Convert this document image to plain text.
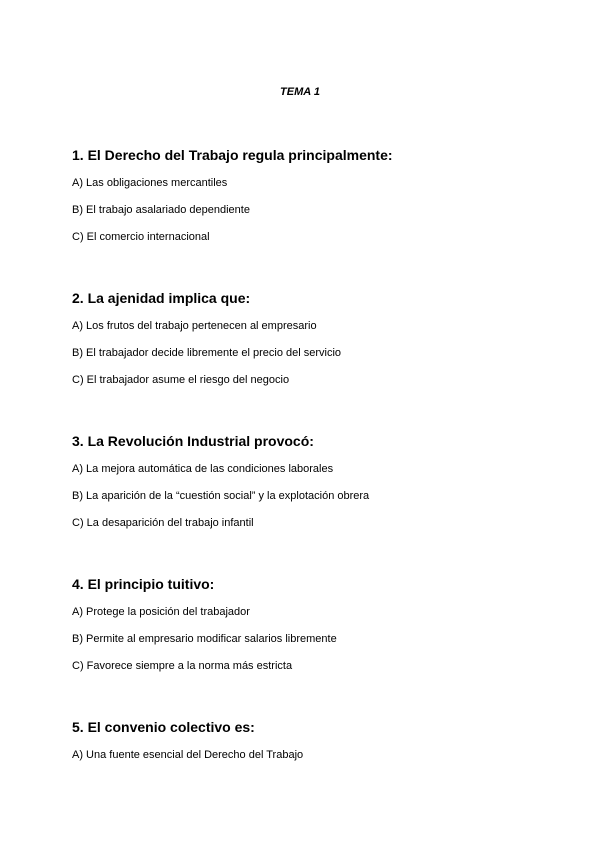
TEMA 1

1. El Derecho del Trabajo regula principalmente:

A) Las obligaciones mercantiles
B) El trabajo asalariado dependiente
C) El comercio internacional

2. La ajenidad implica que:

A) Los frutos del trabajo pertenecen al empresario
B) El trabajador decide libremente el precio del servicio
C) El trabajador asume el riesgo del negocio

3. La Revolución Industrial provocó:

A) La mejora automática de las condiciones laborales
B) La aparición de la “cuestión social” y la explotación obrera
C) La desaparición del trabajo infantil

4. El principio tuitivo:

A) Protege la posición del trabajador
B) Permite al empresario modificar salarios libremente
C) Favorece siempre a la norma más estricta

5. El convenio colectivo es:

A) Una fuente esencial del Derecho del Trabajo
